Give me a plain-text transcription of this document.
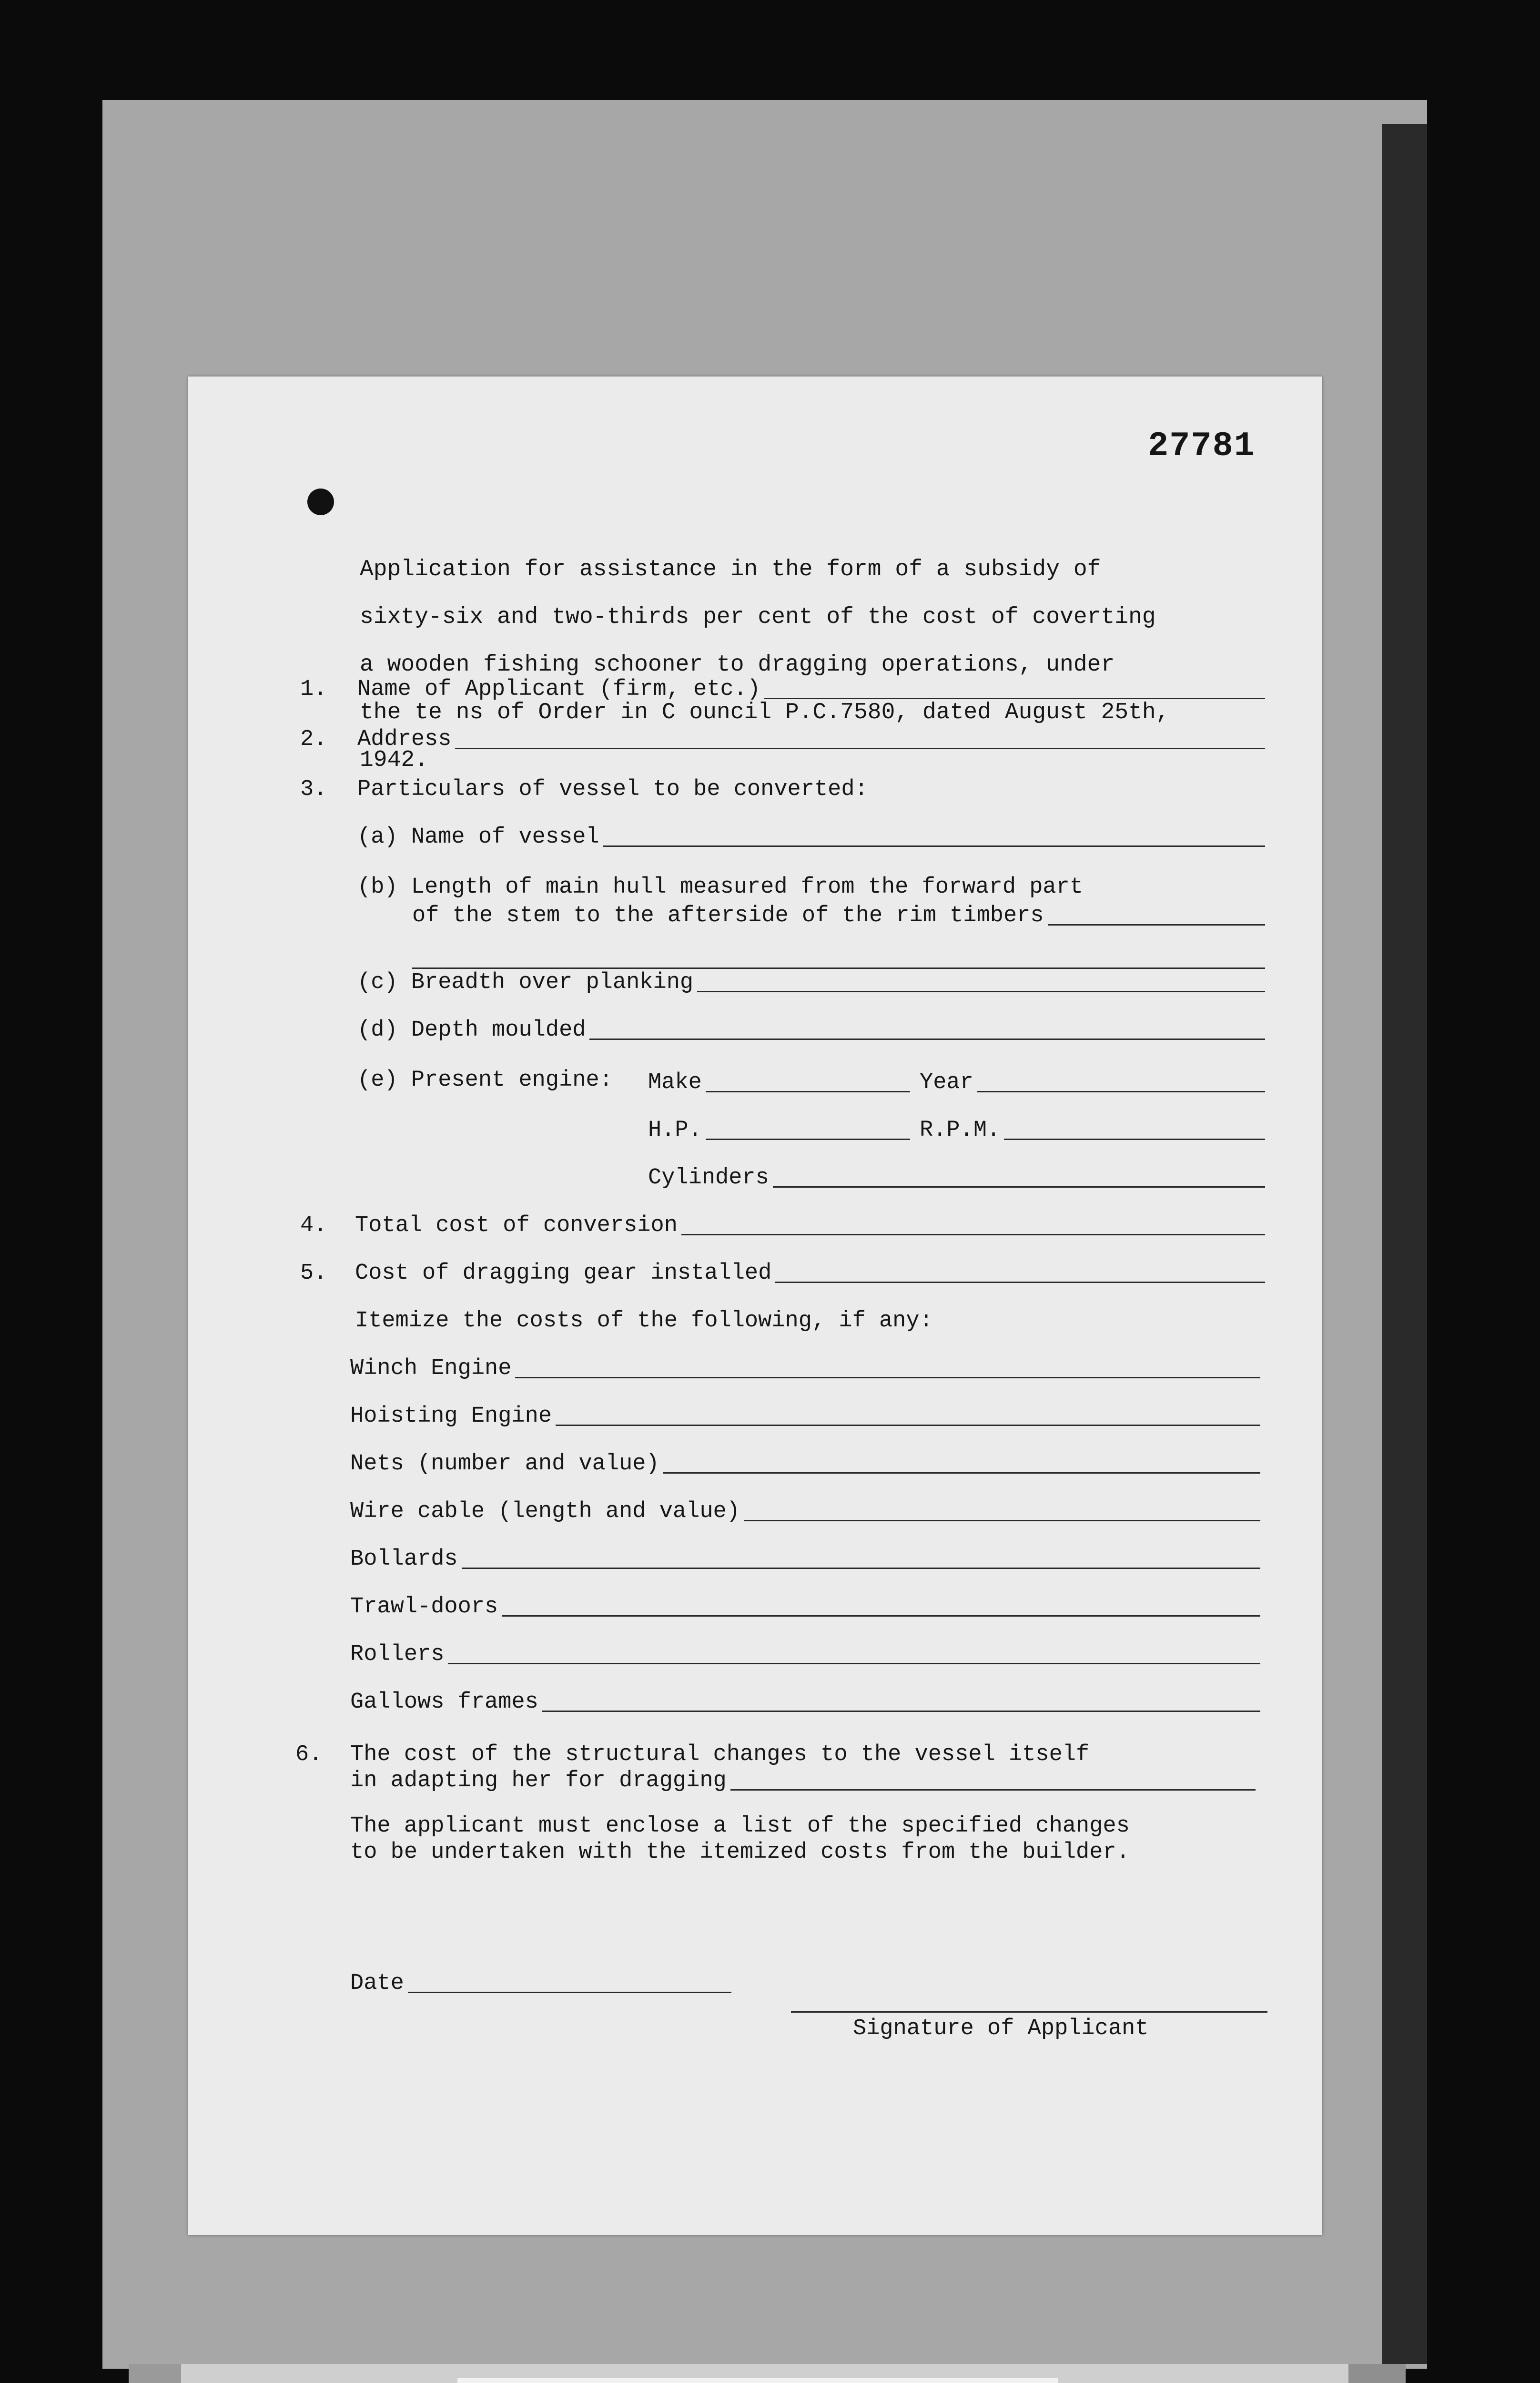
27781

Application for assistance in the form of a subsidy of

sixty-six and two-thirds per cent of the cost of coverting

a wooden fishing schooner to dragging operations, under

the te ns of Order in C ouncil P.C.7580, dated August 25th,

1942.

1. Name of Applicant (firm, etc.)
2. Address
3. Particulars of vessel to be converted:
(a) Name of vessel
(b) Length of main hull measured from the forward part
of the stem to the afterside of the rim timbers
(c) Breadth over planking
(d) Depth moulded
(e) Present engine: Make	Year
H.P.	R.P.M.
Cylinders
4. Total cost of conversion
5. Cost of dragging gear installed
Itemize the costs of the following, if any:
Winch Engine
Hoisting Engine
Nets (number and value)
Wire cable (length and value)
Bollards
Trawl-doors
Rollers
Gallows frames
6. The cost of the structural changes to the vessel itself
in adapting her for dragging
The applicant must enclose a list of the specified changes
to be undertaken with the itemized costs from the builder.
Date
Signature of Applicant
